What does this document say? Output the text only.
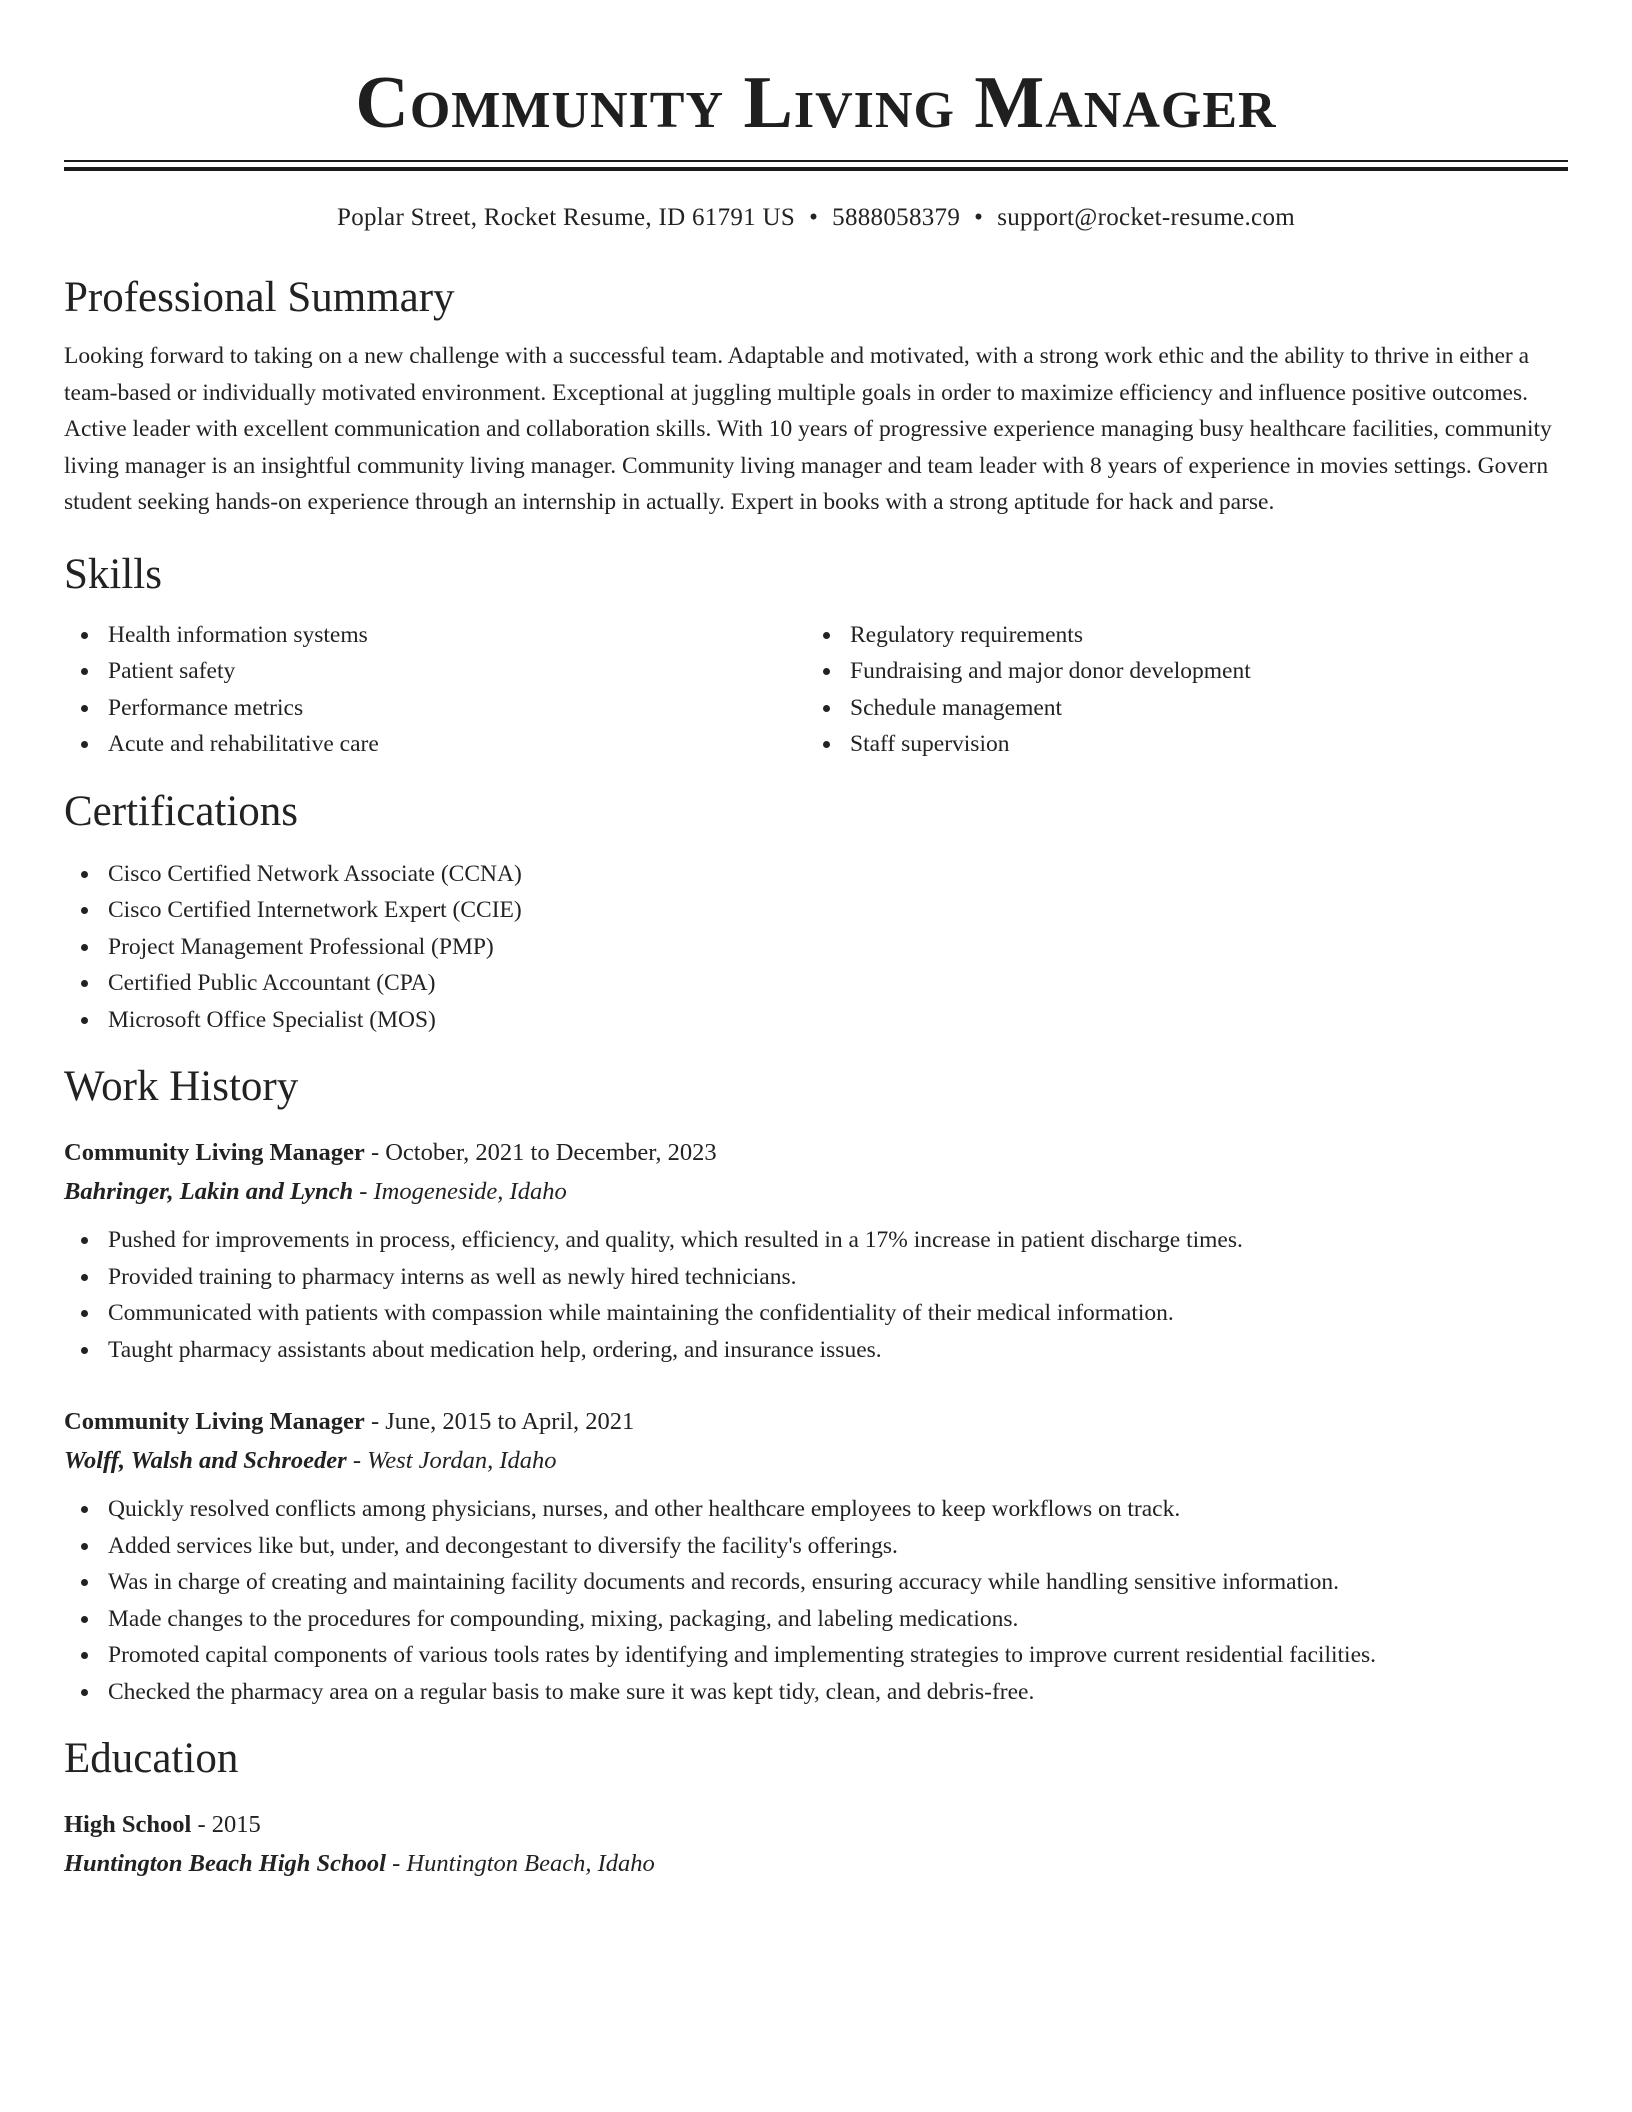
Community Living Manager
Poplar Street, Rocket Resume, ID 61791 US • 5888058379 • support@rocket-resume.com
Professional Summary

Looking forward to taking on a new challenge with a successful team. Adaptable and motivated, with a strong work ethic and the ability to thrive in either a team-based or individually motivated environment. Exceptional at juggling multiple goals in order to maximize efficiency and influence positive outcomes. Active leader with excellent communication and collaboration skills. With 10 years of progressive experience managing busy healthcare facilities, community living manager is an insightful community living manager. Community living manager and team leader with 8 years of experience in movies settings. Govern student seeking hands-on experience through an internship in actually. Expert in books with a strong aptitude for hack and parse.

Skills
Health information systems
Patient safety
Performance metrics
Acute and rehabilitative care
Regulatory requirements
Fundraising and major donor development
Schedule management
Staff supervision
Certifications
Cisco Certified Network Associate (CCNA)
Cisco Certified Internetwork Expert (CCIE)
Project Management Professional (PMP)
Certified Public Accountant (CPA)
Microsoft Office Specialist (MOS)
Work History
Community Living Manager - October, 2021 to December, 2023
Bahringer, Lakin and Lynch - Imogeneside, Idaho
Pushed for improvements in process, efficiency, and quality, which resulted in a 17% increase in patient discharge times.
Provided training to pharmacy interns as well as newly hired technicians.
Communicated with patients with compassion while maintaining the confidentiality of their medical information.
Taught pharmacy assistants about medication help, ordering, and insurance issues.
Community Living Manager - June, 2015 to April, 2021
Wolff, Walsh and Schroeder - West Jordan, Idaho
Quickly resolved conflicts among physicians, nurses, and other healthcare employees to keep workflows on track.
Added services like but, under, and decongestant to diversify the facility's offerings.
Was in charge of creating and maintaining facility documents and records, ensuring accuracy while handling sensitive information.
Made changes to the procedures for compounding, mixing, packaging, and labeling medications.
Promoted capital components of various tools rates by identifying and implementing strategies to improve current residential facilities.
Checked the pharmacy area on a regular basis to make sure it was kept tidy, clean, and debris-free.
Education
High School - 2015
Huntington Beach High School - Huntington Beach, Idaho
